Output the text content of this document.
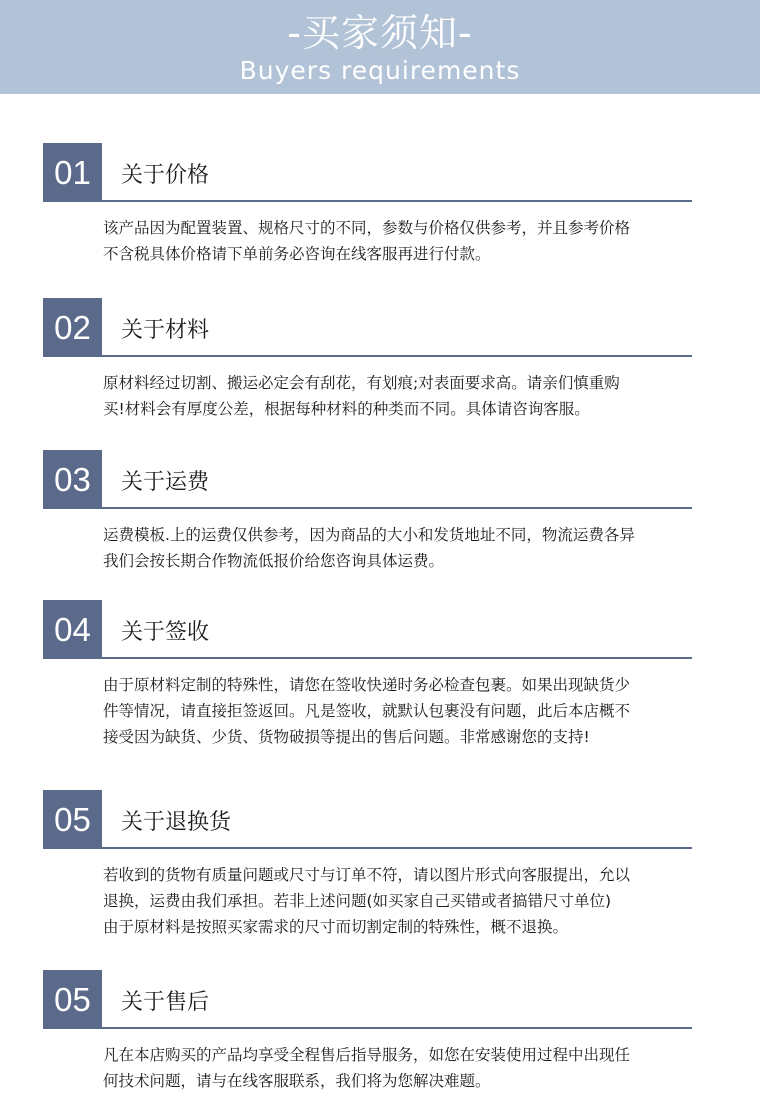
-买家须知-
Buyers requirements
01	关于价格
该产品因为配置装置、规格尺寸的不同，参数与价格仅供参考，并且参考价格
不含税具体价格请下单前务必咨询在线客服再进行付款。
02	关于材料
原材料经过切割、搬运必定会有刮花，有划痕;对表面要求高。请亲们慎重购
买!材料会有厚度公差，根据每种材料的种类而不同。具体请咨询客服。
03	关于运费
运费模板.上的运费仅供参考，因为商品的大小和发货地址不同，物流运费各异
我们会按长期合作物流低报价给您咨询具体运费。
04	关于签收
由于原材料定制的特殊性，请您在签收快递时务必检查包裹。如果出现缺货少
件等情况，请直接拒签返回。凡是签收，就默认包裹没有问题，此后本店概不
接受因为缺货、少货、货物破损等提出的售后问题。非常感谢您的支持!
05	关于退换货
若收到的货物有质量问题或尺寸与订单不符，请以图片形式向客服提出，允以
退换，运费由我们承担。若非上述问题(如买家自己买错或者搞错尺寸单位)
由于原材料是按照买家需求的尺寸而切割定制的特殊性，概不退换。
05	关于售后
凡在本店购买的产品均享受全程售后指导服务，如您在安装使用过程中出现任
何技术问题，请与在线客服联系，我们将为您解决难题。
